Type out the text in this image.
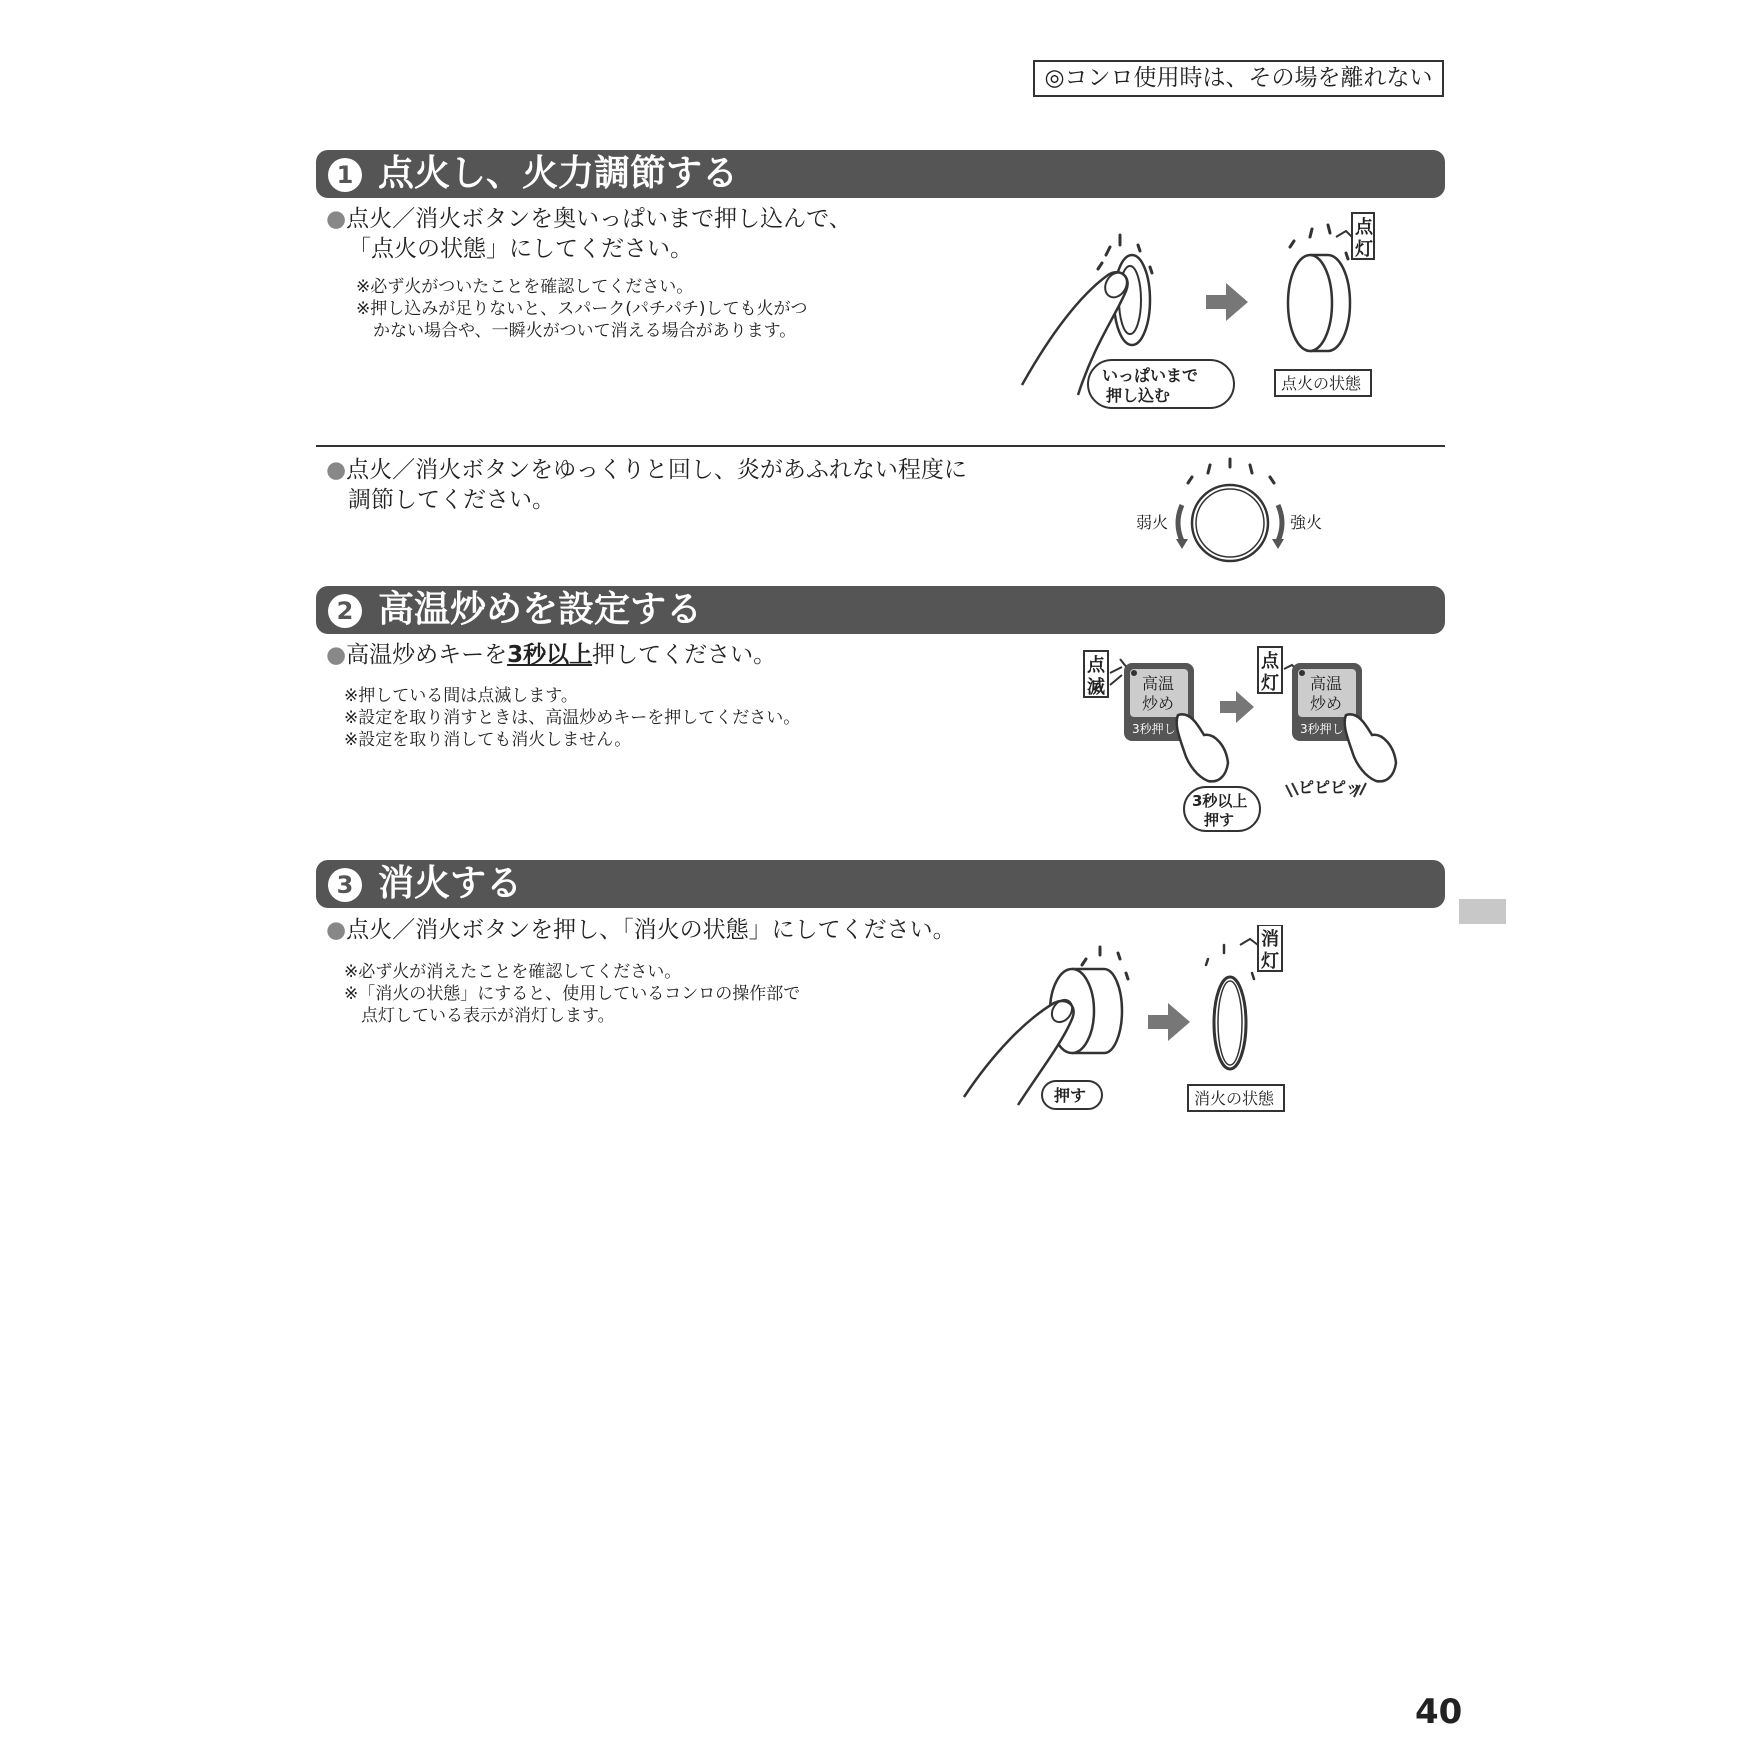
◎コンロ使用時は、その場を離れない
1 点火し、火力調節する
●点火／消火ボタンを奥いっぱいまで押し込んで、
「点火の状態」にしてください。
※必ず火がついたことを確認してください。
※押し込みが足りないと、スパーク(パチパチ)しても火がつ
　かない場合や、一瞬火がついて消える場合があります。
いっぱいまで
押し込む
点
灯
点火の状態
●点火／消火ボタンをゆっくりと回し、炎があふれない程度に
調節してください。
弱火	強火
2 高温炒めを設定する
●高温炒めキーを3秒以上押してください。
※押している間は点滅します。
※設定を取り消すときは、高温炒めキーを押してください。
※設定を取り消しても消火しません。
点
滅 高温
炒め
3秒押し
点
灯 高温
炒め
3秒押し
3秒以上
押す
ピピピッ
3 消火する
●点火／消火ボタンを押し、「消火の状態」にしてください。
※必ず火が消えたことを確認してください。
※「消火の状態」にすると、使用しているコンロの操作部で
　点灯している表示が消灯します。
押す
消
灯
消火の状態
40
